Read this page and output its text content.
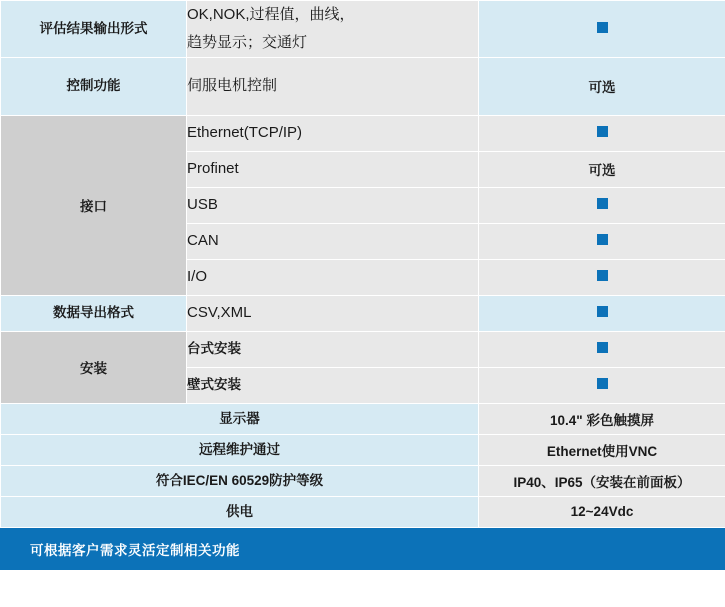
评估结果输出形式	OK,NOK,过程值，曲线，
趋势显示；交通灯	

控制功能	伺服电机控制	可选
接口	Ethernet(TCP/IP)	
	Profinet	可选
	USB	
	CAN	
	I/O	
数据导出格式	CSV,XML	
安装	台式安装	
	壁式安装	
显示器		10.4" 彩色触摸屏
远程维护通过		Ethernet使用VNC
符合IEC/EN 60529防护等级		IP40、IP65（安装在前面板）
供电		12~24Vdc
可根据客户需求灵活定制相关功能
